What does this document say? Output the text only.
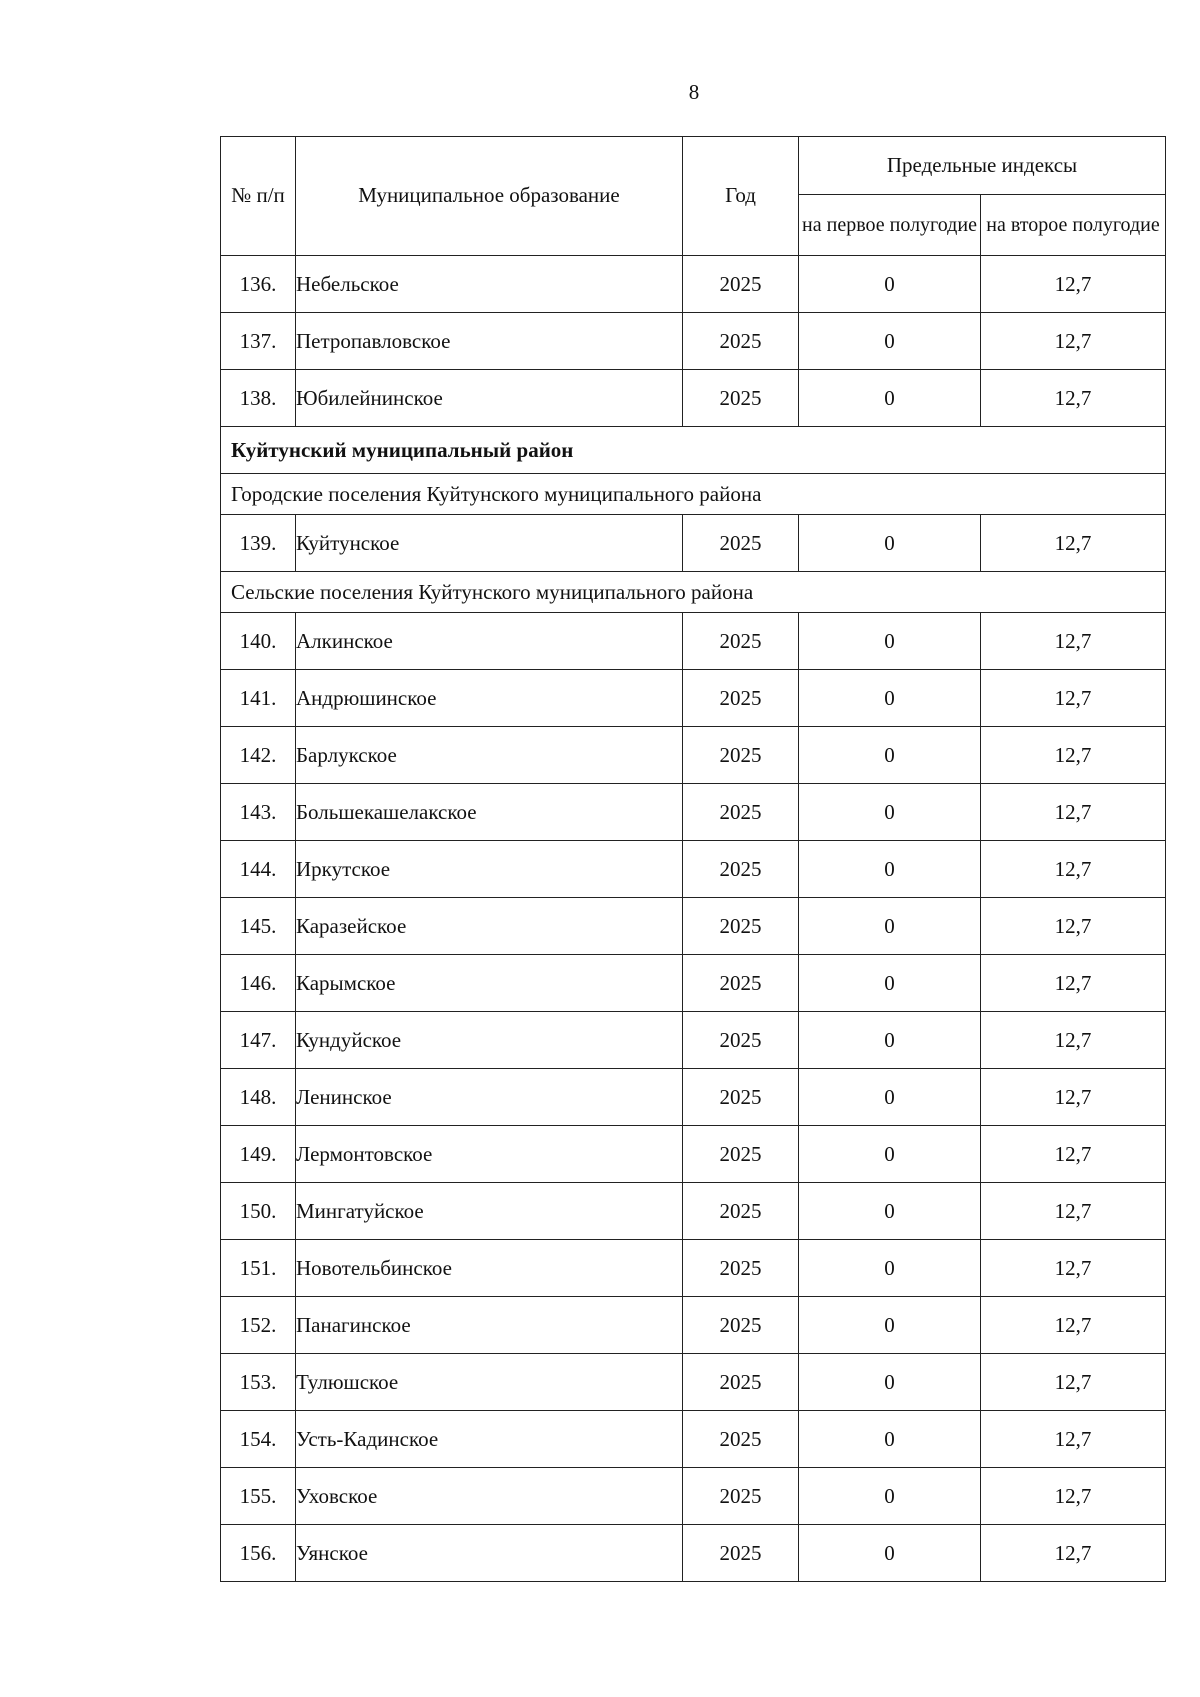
8
№ п/п	Муниципальное образование	Год	Предельные индексы	
			на первое полугодие	на второе полугодие
136.	Небельское	2025	0	12,7
137.	Петропавловское	2025	0	12,7
138.	Юбилейнинское	2025	0	12,7
Куйтунский муниципальный район				
Городские поселения Куйтунского муниципального района				
139.	Куйтунское	2025	0	12,7
Сельские поселения Куйтунского муниципального района				
140.	Алкинское	2025	0	12,7
141.	Андрюшинское	2025	0	12,7
142.	Барлукское	2025	0	12,7
143.	Большекашелакское	2025	0	12,7
144.	Иркутское	2025	0	12,7
145.	Каразейское	2025	0	12,7
146.	Карымское	2025	0	12,7
147.	Кундуйское	2025	0	12,7
148.	Ленинское	2025	0	12,7
149.	Лермонтовское	2025	0	12,7
150.	Мингатуйское	2025	0	12,7
151.	Новотельбинское	2025	0	12,7
152.	Панагинское	2025	0	12,7
153.	Тулюшское	2025	0	12,7
154.	Усть-Кадинское	2025	0	12,7
155.	Уховское	2025	0	12,7
156.	Уянское	2025	0	12,7
